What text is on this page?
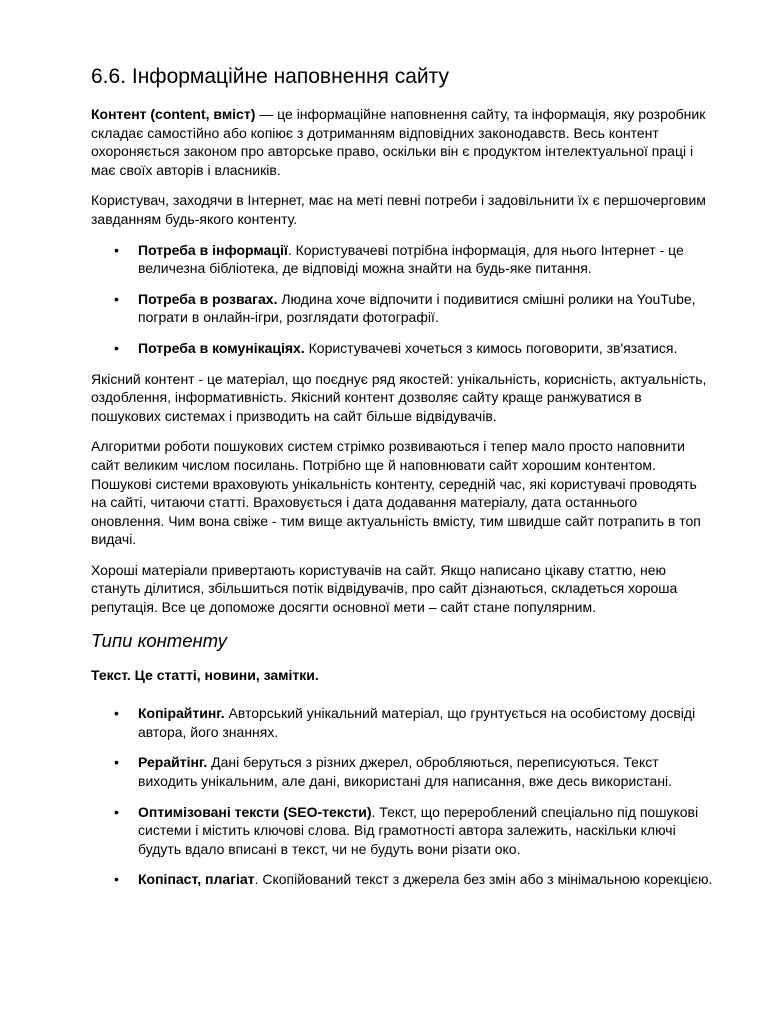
6.6. Інформаційне наповнення сайту

Контент (content, вміст) — це інформаційне наповнення сайту, та інформація, яку розробник складає самостійно або копіює з дотриманням відповідних законодавств. Весь контент охороняється законом про авторське право, оскільки він є продуктом інтелектуальної праці і має своїх авторів і власників.

Користувач, заходячи в Інтернет, має на меті певні потреби і задовільнити їх є першочерговим завданням будь-якого контенту.

• Потреба в інформації. Користувачеві потрібна інформація, для нього Інтернет - це величезна бібліотека, де відповіді можна знайти на будь-яке питання.
• Потреба в розвагах. Людина хоче відпочити і подивитися смішні ролики на YouTube, пограти в онлайн-ігри, розглядати фотографії.
• Потреба в комунікаціях. Користувачеві хочеться з кимось поговорити, зв'язатися.

Якісний контент - це матеріал, що поєднує ряд якостей: унікальність, корисність, актуальність, оздоблення, інформативність. Якісний контент дозволяє сайту краще ранжуватися в пошукових системах і призводить на сайт більше відвідувачів.

Алгоритми роботи пошукових систем стрімко розвиваються і тепер мало просто наповнити сайт великим числом посилань. Потрібно ще й наповнювати сайт хорошим контентом. Пошукові системи враховують унікальність контенту, середній час, які користувачі проводять на сайті, читаючи статті. Враховується і дата додавання матеріалу, дата останнього оновлення. Чим вона свіже - тим вище актуальність вмісту, тим швидше сайт потрапить в топ видачі.

Хороші матеріали привертають користувачів на сайт. Якщо написано цікаву статтю, нею стануть ділитися, збільшиться потік відвідувачів, про сайт дізнаються, складеться хороша репутація. Все це допоможе досягти основної мети – сайт стане популярним.

Типи контенту

Текст. Це статті, новини, замітки.

• Копірайтинг. Авторський унікальний матеріал, що грунтується на особистому досвіді автора, його знаннях.
• Рерайтінг. Дані беруться з різних джерел, обробляються, переписуються. Текст виходить унікальним, але дані, використані для написання, вже десь використані.
• Оптимізовані тексти (SEO-тексти). Текст, що перероблений спеціально під пошукові системи і містить ключові слова. Від грамотності автора залежить, наскільки ключі будуть вдало вписані в текст, чи не будуть вони різати око.
• Копіпаст, плагіат. Скопійований текст з джерела без змін або з мінімальною корекцією.
